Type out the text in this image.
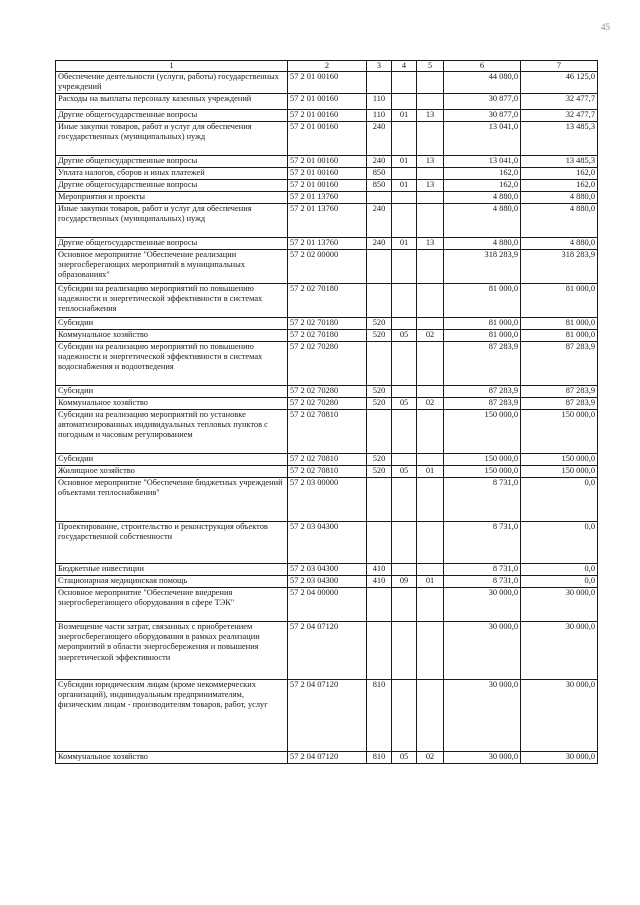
45
1	2	3	4	5	6	7
Обеспечение деятельности (услуги, работы) государственных учреждений	57 2 01 00160				44 080,0	46 125,0
Расходы на выплаты персоналу казенных учреждений	57 2 01 00160	110			30 877,0	32 477,7
Другие общегосударственные вопросы	57 2 01 00160	110	01	13	30 877,0	32 477,7
Иные закупки товаров, работ и услуг для обеспечения государственных (муниципальных) нужд	57 2 01 00160	240			13 041,0	13 485,3
Другие общегосударственные вопросы	57 2 01 00160	240	01	13	13 041,0	13 485,3
Уплата налогов, сборов и иных платежей	57 2 01 00160	850			162,0	162,0
Другие общегосударственные вопросы	57 2 01 00160	850	01	13	162,0	162,0
Мероприятия и проекты	57 2 01 13760				4 880,0	4 880,0
Иные закупки товаров, работ и услуг для обеспечения государственных (муниципальных) нужд	57 2 01 13760	240			4 880,0	4 880,0
Другие общегосударственные вопросы	57 2 01 13760	240	01	13	4 880,0	4 880,0
Основное мероприятие "Обеспечение реализации энергосберегающих мероприятий в муниципальных образованиях"	57 2 02 00000				318 283,9	318 283,9
Субсидии на реализацию мероприятий по повышению надежности и энергетической эффективности в системах теплоснабжения	57 2 02 70180				81 000,0	81 000,0
Субсидии	57 2 02 70180	520			81 000,0	81 000,0
Коммунальное хозяйство	57 2 02 70180	520	05	02	81 000,0	81 000,0
Субсидии на реализацию мероприятий по повышению надежности и энергетической эффективности в системах водоснабжения и водоотведения	57 2 02 70280				87 283,9	87 283,9
Субсидии	57 2 02 70280	520			87 283,9	87 283,9
Коммунальное хозяйство	57 2 02 70280	520	05	02	87 283,9	87 283,9
Субсидии на реализацию мероприятий по установке автоматизированных индивидуальных тепловых пунктов с погодным и часовым регулированием	57 2 02 70810				150 000,0	150 000,0
Субсидии	57 2 02 70810	520			150 000,0	150 000,0
Жилищное хозяйство	57 2 02 70810	520	05	01	150 000,0	150 000,0
Основное мероприятие "Обеспечение бюджетных учреждений объектами теплоснабжения"	57 2 03 00000				8 731,0	0,0
Проектирование, строительство и реконструкция объектов государственной собственности	57 2 03 04300				8 731,0	0,0
Бюджетные инвестиции	57 2 03 04300	410			8 731,0	0,0
Стационарная медицинская помощь	57 2 03 04300	410	09	01	8 731,0	0,0
Основное мероприятие "Обеспечение внедрения энергосберегающего оборудования в сфере ТЭК"	57 2 04 00000				30 000,0	30 000,0
Возмещение части затрат, связанных с приобретением энергосберегающего оборудования в рамках реализации мероприятий в области энергосбережения и повышения энергетической эффективности	57 2 04 07120				30 000,0	30 000,0
Субсидии юридическим лицам (кроме некоммерческих организаций), индивидуальным предпринимателям, физическим лицам - производителям товаров, работ, услуг	57 2 04 07120	810			30 000,0	30 000,0
Коммунальное хозяйство	57 2 04 07120	810	05	02	30 000,0	30 000,0
